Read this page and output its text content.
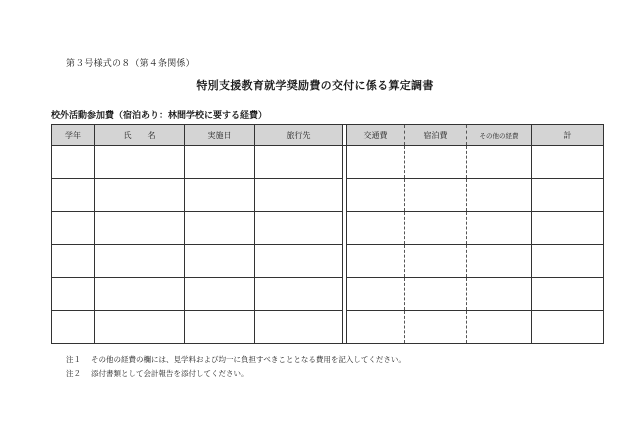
第３号様式の８（第４条関係）
特別支援教育就学奨励費の交付に係る算定調書
校外活動参加費（宿泊あり：林間学校に要する経費）
学年	氏　　名	実施日	旅行先		交通費	宿泊費	その他の経費	計

注１ その他の経費の欄には、見学料および均一に負担すべきこととなる費用を記入してください。
注２ 添付書類として会計報告を添付してください。
